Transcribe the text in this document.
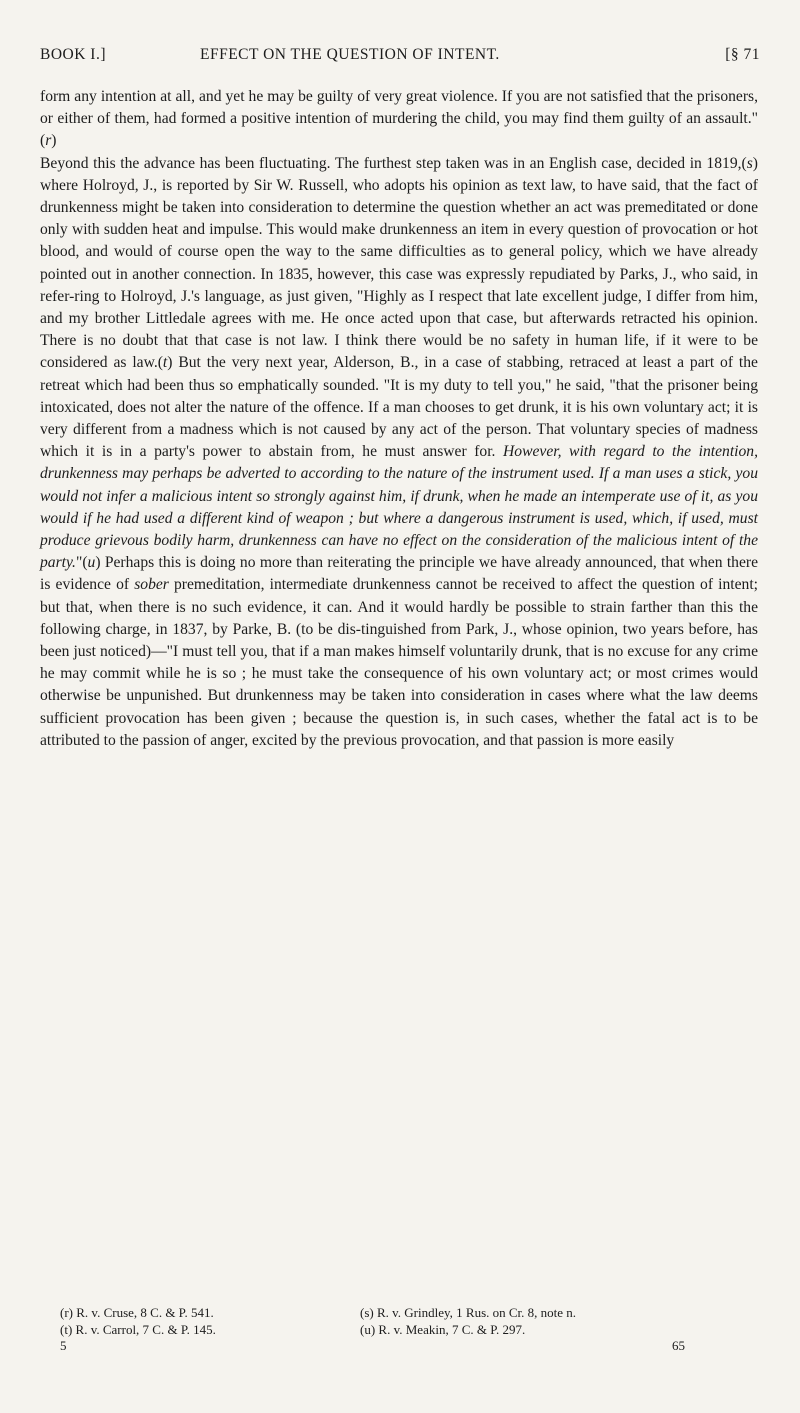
BOOK I.]	EFFECT ON THE QUESTION OF INTENT.	[§ 71

form any intention at all, and yet he may be guilty of very great violence. If you are not satisfied that the prisoners, or either of them, had formed a positive intention of murdering the child, you may find them guilty of an assault."(r)

Beyond this the advance has been fluctuating. The furthest step taken was in an English case, decided in 1819,(s) where Holroyd, J., is reported by Sir W. Russell, who adopts his opinion as text law, to have said, that the fact of drunkenness might be taken into consideration to determine the question whether an act was premeditated or done only with sudden heat and impulse. This would make drunkenness an item in every question of provocation or hot blood, and would of course open the way to the same difficulties as to general policy, which we have already pointed out in another connection. In 1835, however, this case was expressly repudiated by Parks, J., who said, in refer-ring to Holroyd, J.'s language, as just given, "Highly as I respect that late excellent judge, I differ from him, and my brother Littledale agrees with me. He once acted upon that case, but afterwards retracted his opinion. There is no doubt that that case is not law. I think there would be no safety in human life, if it were to be considered as law.(t) But the very next year, Alderson, B., in a case of stabbing, retraced at least a part of the retreat which had been thus so emphatically sounded. "It is my duty to tell you," he said, "that the prisoner being intoxicated, does not alter the nature of the offence. If a man chooses to get drunk, it is his own voluntary act; it is very different from a madness which is not caused by any act of the person. That voluntary species of madness which it is in a party's power to abstain from, he must answer for. However, with regard to the intention, drunkenness may perhaps be adverted to according to the nature of the instrument used. If a man uses a stick, you would not infer a malicious intent so strongly against him, if drunk, when he made an intemperate use of it, as you would if he had used a different kind of weapon ; but where a dangerous instrument is used, which, if used, must produce grievous bodily harm, drunkenness can have no effect on the consideration of the malicious intent of the party."(u) Perhaps this is doing no more than reiterating the principle we have already announced, that when there is evidence of sober premeditation, intermediate drunkenness cannot be received to affect the question of intent; but that, when there is no such evidence, it can. And it would hardly be possible to strain farther than this the following charge, in 1837, by Parke, B. (to be dis-tinguished from Park, J., whose opinion, two years before, has been just noticed)—"I must tell you, that if a man makes himself voluntarily drunk, that is no excuse for any crime he may commit while he is so ; he must take the consequence of his own voluntary act; or most crimes would otherwise be unpunished. But drunkenness may be taken into consideration in cases where what the law deems sufficient provocation has been given ; because the question is, in such cases, whether the fatal act is to be attributed to the passion of anger, excited by the previous provocation, and that passion is more easily

(r) R. v. Cruse, 8 C. & P. 541.	(s) R. v. Grindley, 1 Rus. on Cr. 8, note n.
(t) R. v. Carrol, 7 C. & P. 145.	(u) R. v. Meakin, 7 C. & P. 297.
5	65
